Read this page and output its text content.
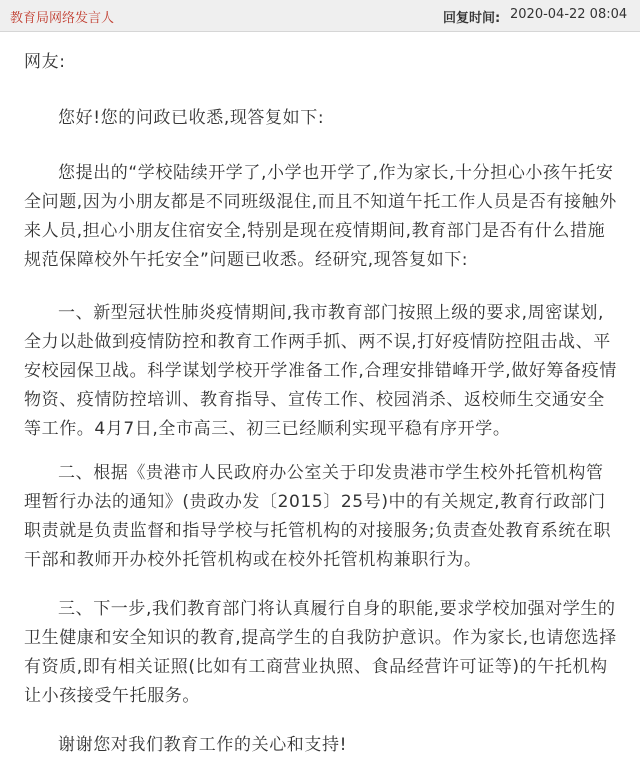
教育局网络发言人	回复时间: 2020-04-22 08:04

网友:

您好!您的问政已收悉,现答复如下:

您提出的“学校陆续开学了,小学也开学了,作为家长,十分担心小孩午托安全问题,因为小朋友都是不同班级混住,而且不知道午托工作人员是否有接触外来人员,担心小朋友住宿安全,特别是现在疫情期间,教育部门是否有什么措施规范保障校外午托安全”问题已收悉。经研究,现答复如下:

一、新型冠状性肺炎疫情期间,我市教育部门按照上级的要求,周密谋划,全力以赴做到疫情防控和教育工作两手抓、两不误,打好疫情防控阻击战、平安校园保卫战。科学谋划学校开学准备工作,合理安排错峰开学,做好筹备疫情物资、疫情防控培训、教育指导、宣传工作、校园消杀、返校师生交通安全等工作。4月7日,全市高三、初三已经顺利实现平稳有序开学。

二、根据《贵港市人民政府办公室关于印发贵港市学生校外托管机构管理暂行办法的通知》(贵政办发〔2015〕25号)中的有关规定,教育行政部门职责就是负责监督和指导学校与托管机构的对接服务;负责查处教育系统在职干部和教师开办校外托管机构或在校外托管机构兼职行为。

三、下一步,我们教育部门将认真履行自身的职能,要求学校加强对学生的卫生健康和安全知识的教育,提高学生的自我防护意识。作为家长,也请您选择有资质,即有相关证照(比如有工商营业执照、食品经营许可证等)的午托机构让小孩接受午托服务。

谢谢您对我们教育工作的关心和支持!
